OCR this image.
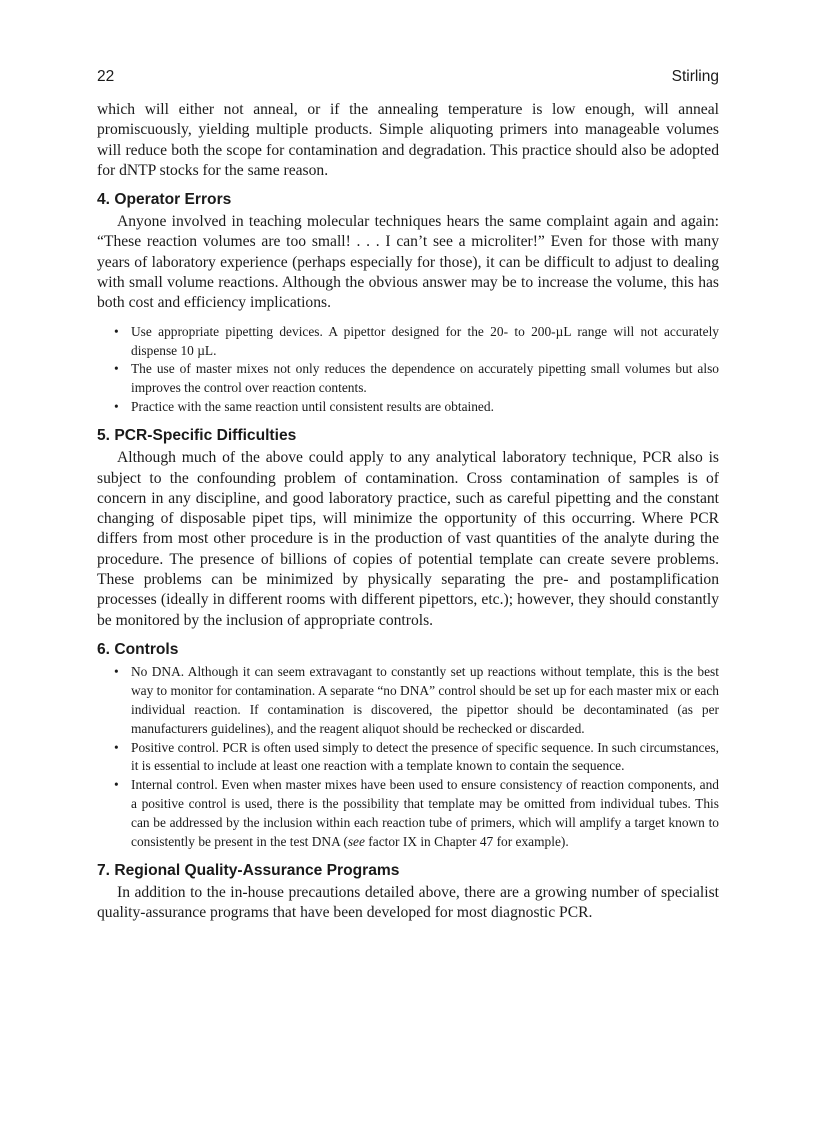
22	Stirling

which will either not anneal, or if the annealing temperature is low enough, will anneal promiscuously, yielding multiple products. Simple aliquoting primers into manageable volumes will reduce both the scope for contamination and degradation. This practice should also be adopted for dNTP stocks for the same reason.

4. Operator Errors

Anyone involved in teaching molecular techniques hears the same complaint again and again: “These reaction volumes are too small! . . . I can’t see a microliter!” Even for those with many years of laboratory experience (perhaps especially for those), it can be difficult to adjust to dealing with small volume reactions. Although the obvious answer may be to increase the volume, this has both cost and efficiency implications.

• Use appropriate pipetting devices. A pipettor designed for the 20- to 200-µL range will not accurately dispense 10 µL.
• The use of master mixes not only reduces the dependence on accurately pipetting small volumes but also improves the control over reaction contents.
• Practice with the same reaction until consistent results are obtained.
5. PCR-Specific Difficulties

Although much of the above could apply to any analytical laboratory technique, PCR also is subject to the confounding problem of contamination. Cross contamination of samples is of concern in any discipline, and good laboratory practice, such as careful pipetting and the constant changing of disposable pipet tips, will minimize the opportunity of this occurring. Where PCR differs from most other procedure is in the production of vast quantities of the analyte during the procedure. The presence of billions of copies of potential template can create severe problems. These problems can be minimized by physically separating the pre- and postamplification processes (ideally in different rooms with different pipettors, etc.); however, they should constantly be monitored by the inclusion of appropriate controls.

6. Controls
• No DNA. Although it can seem extravagant to constantly set up reactions without template, this is the best way to monitor for contamination. A separate “no DNA” control should be set up for each master mix or each individual reaction. If contamination is discovered, the pipettor should be decontaminated (as per manufacturers guidelines), and the reagent aliquot should be rechecked or discarded.
• Positive control. PCR is often used simply to detect the presence of specific sequence. In such circumstances, it is essential to include at least one reaction with a template known to contain the sequence.
• Internal control. Even when master mixes have been used to ensure consistency of reaction components, and a positive control is used, there is the possibility that template may be omitted from individual tubes. This can be addressed by the inclusion within each reaction tube of primers, which will amplify a target known to consistently be present in the test DNA (see factor IX in Chapter 47 for example).
7. Regional Quality-Assurance Programs

In addition to the in-house precautions detailed above, there are a growing number of specialist quality-assurance programs that have been developed for most diagnostic PCR.
